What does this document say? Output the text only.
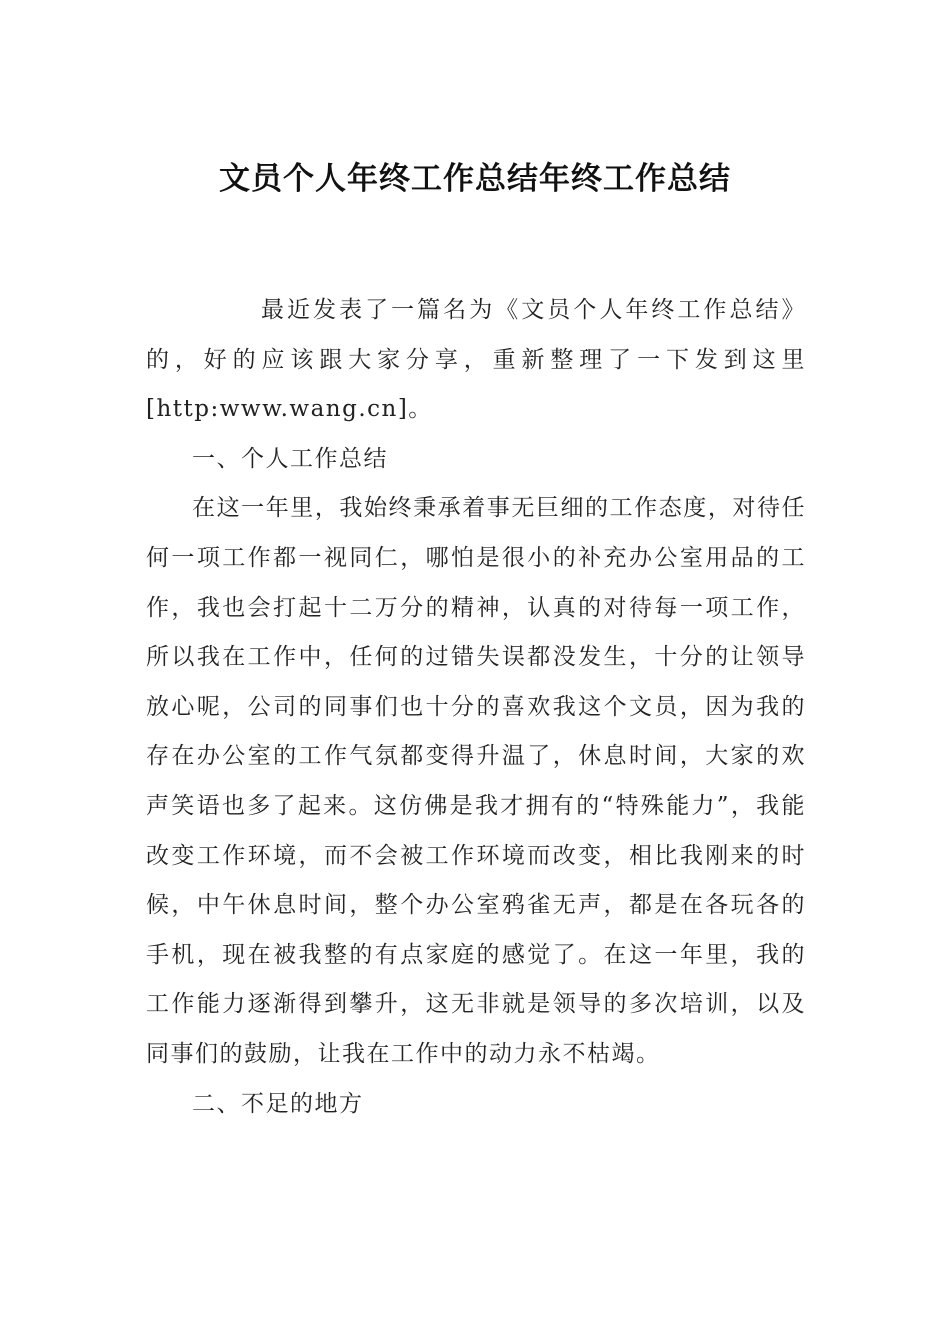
文员个人年终工作总结年终工作总结

最近发表了一篇名为《文员个人年终工作总结》的，好的应该跟大家分享，重新整理了一下发到这里[http:www.wang.cn]。

一、个人工作总结

在这一年里，我始终秉承着事无巨细的工作态度，对待任何一项工作都一视同仁，哪怕是很小的补充办公室用品的工作，我也会打起十二万分的精神，认真的对待每一项工作，所以我在工作中，任何的过错失误都没发生，十分的让领导放心呢，公司的同事们也十分的喜欢我这个文员，因为我的存在办公室的工作气氛都变得升温了，休息时间，大家的欢声笑语也多了起来。这仿佛是我才拥有的“特殊能力”，我能改变工作环境，而不会被工作环境而改变，相比我刚来的时候，中午休息时间，整个办公室鸦雀无声，都是在各玩各的手机，现在被我整的有点家庭的感觉了。在这一年里，我的工作能力逐渐得到攀升，这无非就是领导的多次培训，以及同事们的鼓励，让我在工作中的动力永不枯竭。

二、不足的地方
